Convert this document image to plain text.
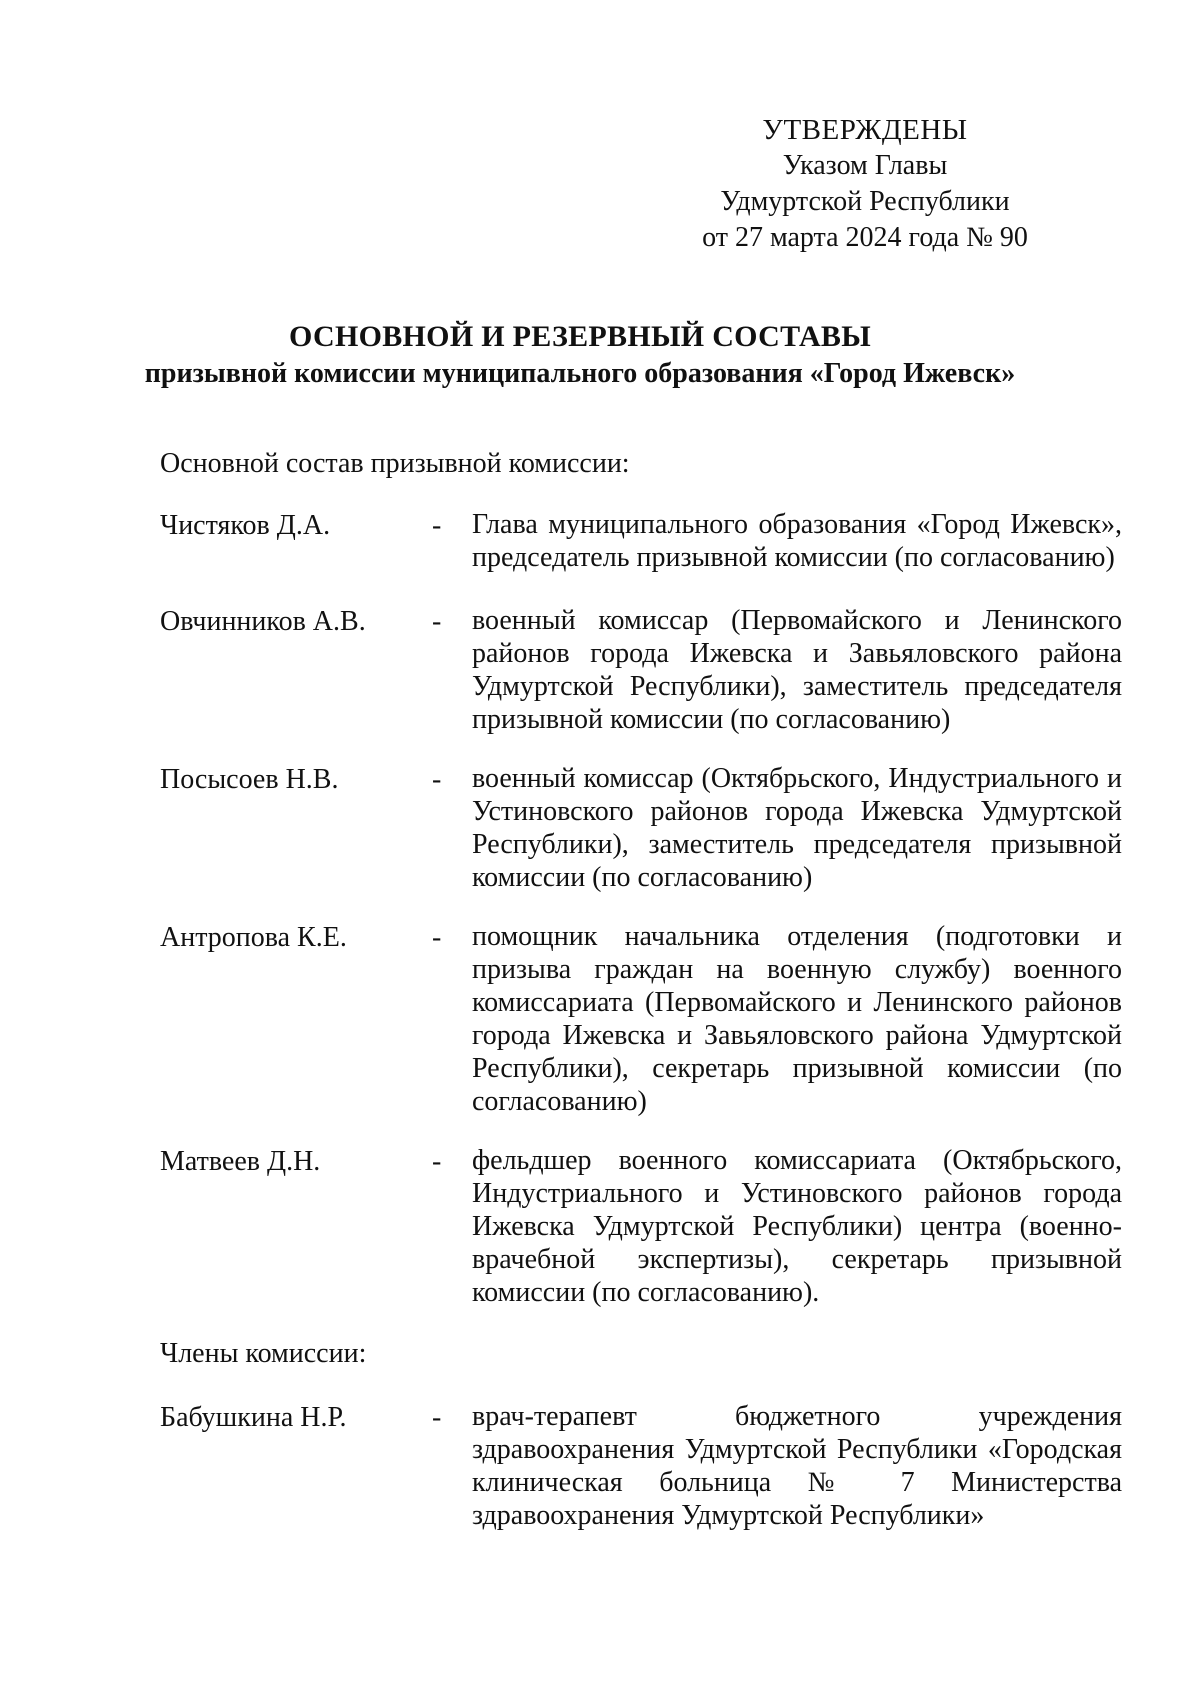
УТВЕРЖДЕНЫ
Указом Главы
Удмуртской Республики
от 27 марта 2024 года № 90
ОСНОВНОЙ И РЕЗЕРВНЫЙ СОСТАВЫ
призывной комиссии муниципального образования «Город Ижевск»
Основной состав призывной комиссии:
Чистяков Д.А.	- Глава муниципального образования «Город Ижевск», председатель призывной комиссии (по согласованию)
Овчинников А.В. - военный комиссар (Первомайского и Ленинского районов города Ижевска и Завьяловского района Удмуртской Республики), заместитель председателя призывной комиссии (по согласованию)
Посысоев Н.В.	- военный комиссар (Октябрьского, Индустриального и Устиновского районов города Ижевска Удмуртской Республики), заместитель председателя призывной комиссии (по согласованию)
Антропова К.Е.	- помощник начальника отделения (подготовки и призыва граждан на военную службу) военного комиссариата (Первомайского и Ленинского районов города Ижевска и Завьяловского района Удмуртской Республики), секретарь призывной комиссии (по согласованию)
Матвеев Д.Н.	- фельдшер военного комиссариата (Октябрьского, Индустриального и Устиновского районов города Ижевска Удмуртской Республики) центра (военно-врачебной экспертизы), секретарь призывной комиссии (по согласованию).
Члены комиссии:
Бабушкина Н.Р.	- врач-терапевт бюджетного учреждения здравоохранения Удмуртской Республики «Городская клиническая больница № 7 Министерства здравоохранения Удмуртской Республики»
